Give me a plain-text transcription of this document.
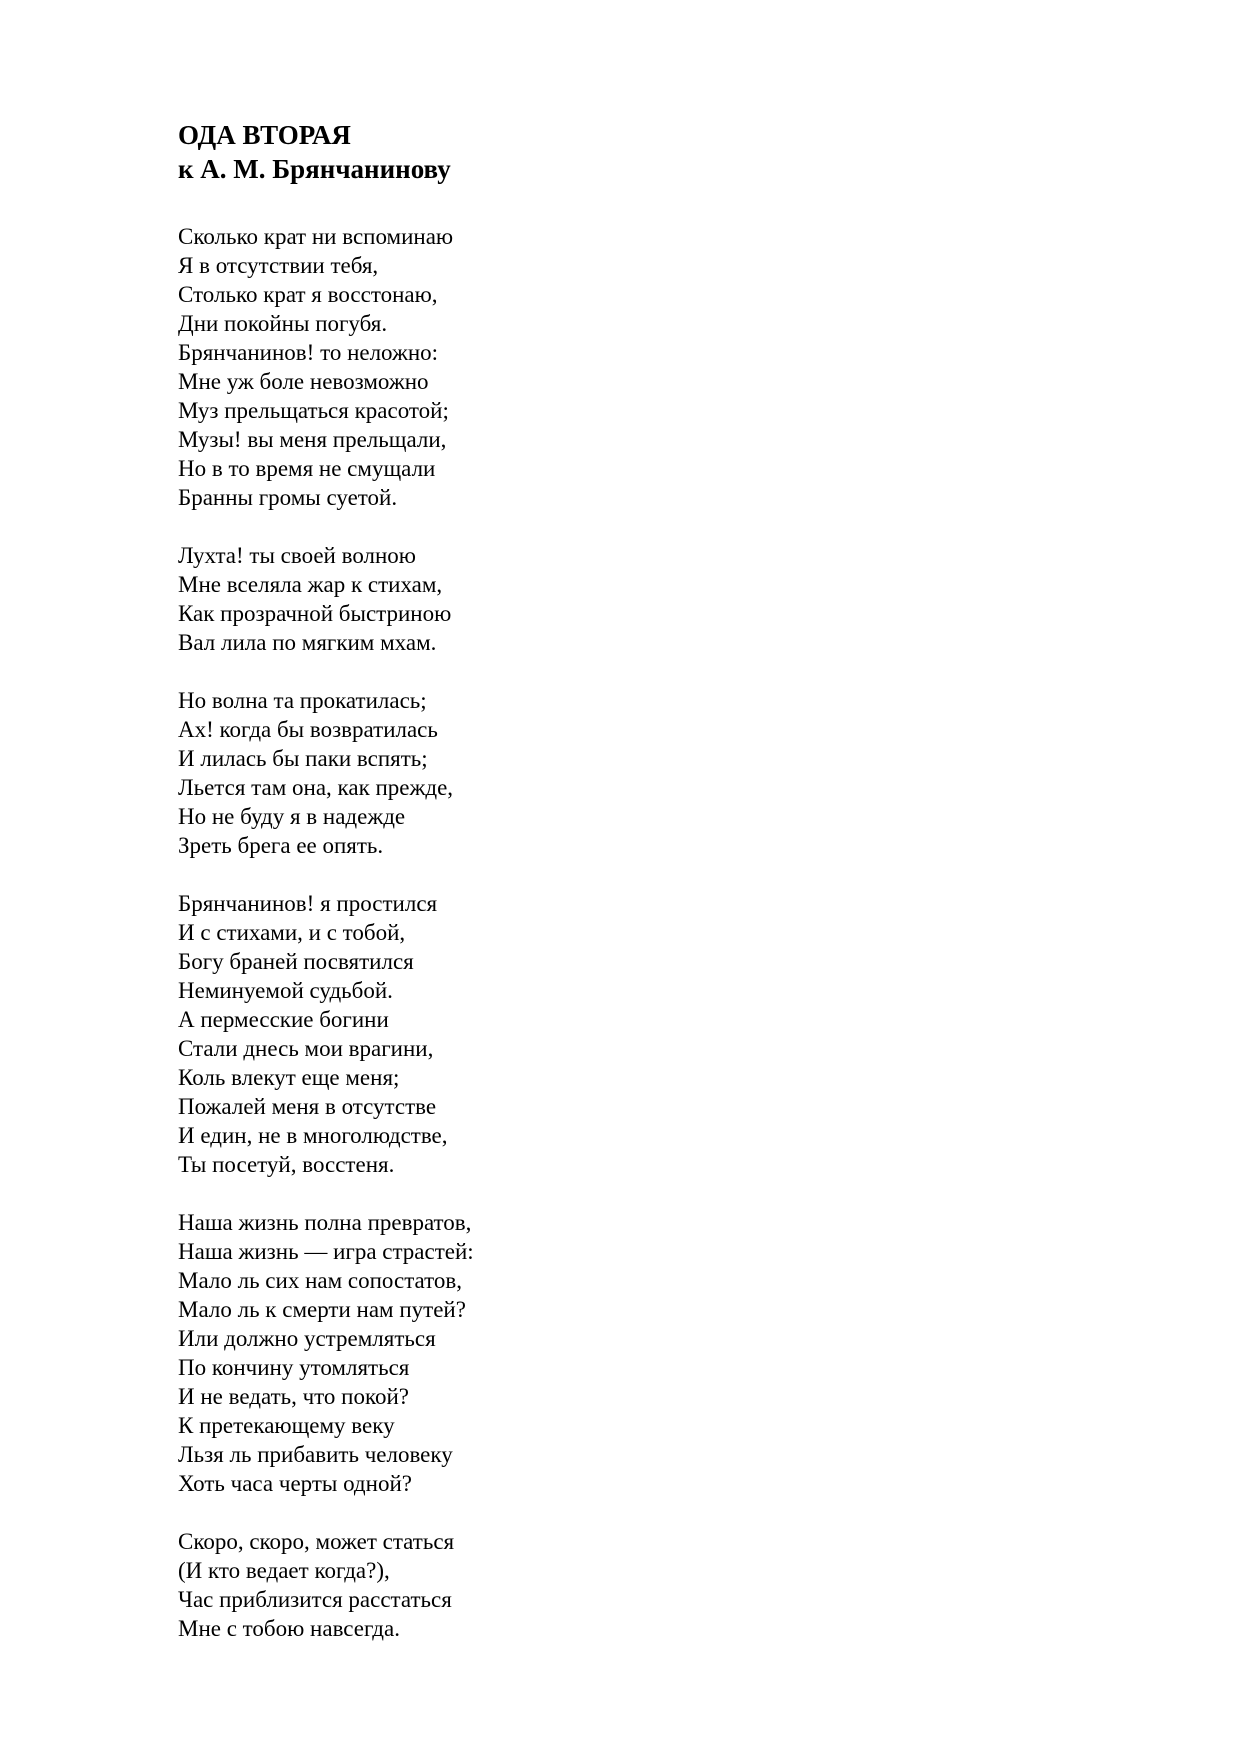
ОДА ВТОРАЯ
к А. М. Брянчанинову
Сколько крат ни вспоминаю
Я в отсутствии тебя,
Столько крат я восстонаю,
Дни покойны погубя.
Брянчанинов! то неложно:
Мне уж боле невозможно
Муз прельщаться красотой;
Музы! вы меня прельщали,
Но в то время не смущали
Бранны громы суетой.
Лухта! ты своей волною
Мне вселяла жар к стихам,
Как прозрачной быстриною
Вал лила по мягким мхам.
Но волна та прокатилась;
Ах! когда бы возвратилась
И лилась бы паки вспять;
Льется там она, как прежде,
Но не буду я в надежде
Зреть брега ее опять.
Брянчанинов! я простился
И с стихами, и с тобой,
Богу браней посвятился
Неминуемой судьбой.
А пермесские богини
Стали днесь мои врагини,
Коль влекут еще меня;
Пожалей меня в отсутстве
И един, не в многолюдстве,
Ты посетуй, восстеня.
Наша жизнь полна превратов,
Наша жизнь — игра страстей:
Мало ль сих нам сопостатов,
Мало ль к смерти нам путей?
Или должно устремляться
По кончину утомляться
И не ведать, что покой?
К претекающему веку
Льзя ль прибавить человеку
Хоть часа черты одной?
Скоро, скоро, может статься
(И кто ведает когда?),
Час приблизится расстаться
Мне с тобою навсегда.
